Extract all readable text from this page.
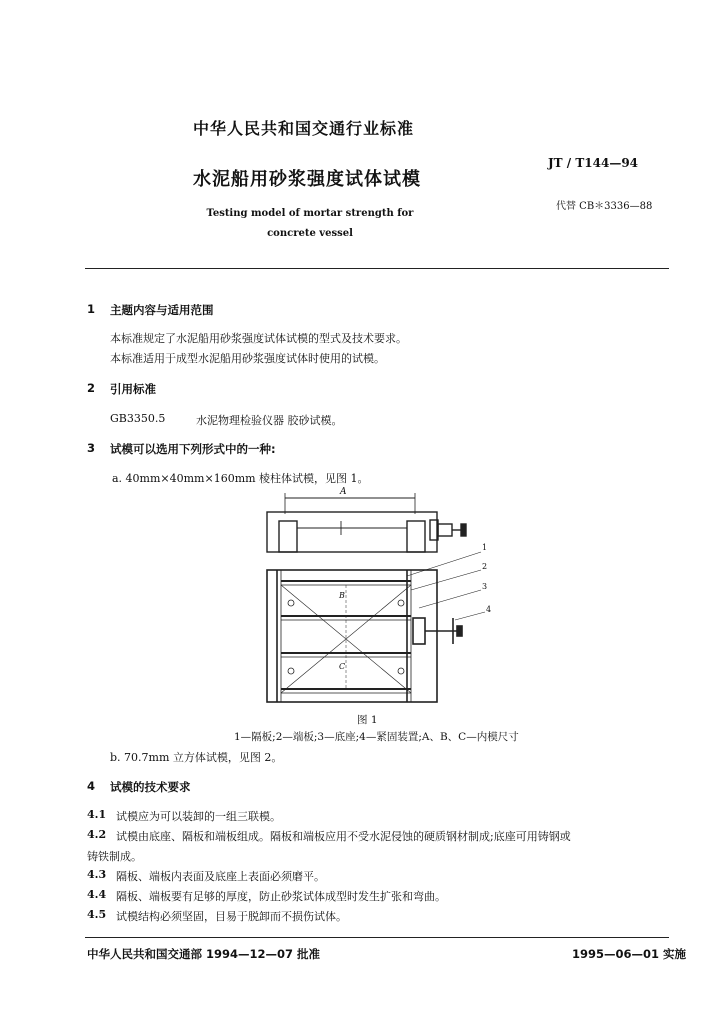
中华人民共和国交通行业标准
JT / T144—94
水泥船用砂浆强度试体试模
代替 CB＊3336—88
Testing model of mortar strength for concrete vessel
1 主题内容与适用范围
本标准规定了水泥船用砂浆强度试体试模的型式及技术要求。
本标准适用于成型水泥船用砂浆强度试体时使用的试模。
2 引用标准
GB3350.5	水泥物理检验仪器 胶砂试模。
3 试模可以选用下列形式中的一种:
a. 40mm×40mm×160mm 棱柱体试模，见图 1。
A
B
C
1
2
3
4
图 1
1—隔板;2—端板;3—底座;4—紧固装置;A、B、C—内模尺寸
b. 70.7mm 立方体试模，见图 2。
4 试模的技术要求
4.1 试模应为可以装卸的一组三联模。
4.2 试模由底座、隔板和端板组成。隔板和端板应用不受水泥侵蚀的硬质钢材制成;底座可用铸钢或
铸铁制成。
4.3 隔板、端板内表面及底座上表面必须磨平。
4.4 隔板、端板要有足够的厚度，防止砂浆试体成型时发生扩张和弯曲。
4.5 试模结构必须坚固，目易于脱卸而不损伤试体。
中华人民共和国交通部 1994—12—07 批准	1995—06—01 实施
